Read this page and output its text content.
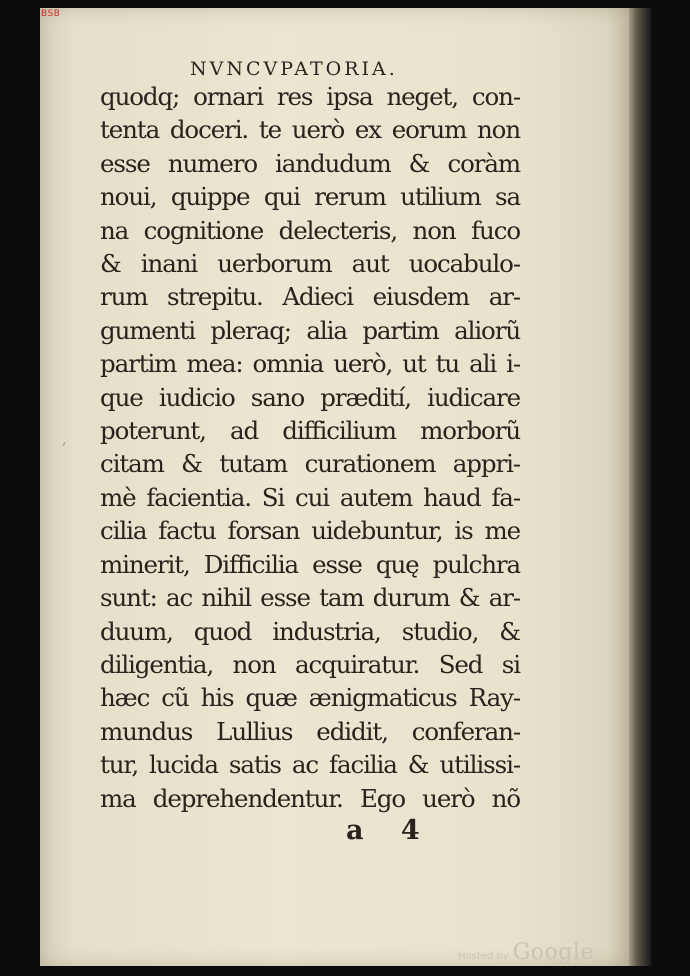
BSB
NVNCVPATORIA.
,
quodq; ornari res ipsa neget, con-
tenta doceri. te uerò ex eorum non
esse numero iandudum & coràm
noui, quippe qui rerum utilium sa
na cognitione delecteris, non fuco
& inani uerborum aut uocabulo-
rum strepitu. Adieci eiusdem ar-
gumenti pleraq; alia partim aliorũ
partim mea: omnia uerò, ut tu ali i-
que iudicio sano prædití, iudicare
poterunt, ad difficilium morborũ
citam & tutam curationem appri-
mè facientia. Si cui autem haud fa-
cilia factu forsan uidebuntur, is me
minerit, Difficilia esse quę pulchra
sunt: ac nihil esse tam durum & ar-
duum, quod industria, studio, &
diligentia, non acquiratur. Sed si
hæc cũ his quæ ænigmaticus Ray-
mundus Lullius edidit, conferan-
tur, lucida satis ac facilia & utilissi-
ma deprehendentur. Ego uerò nõ
a 4
Hosted by Google
